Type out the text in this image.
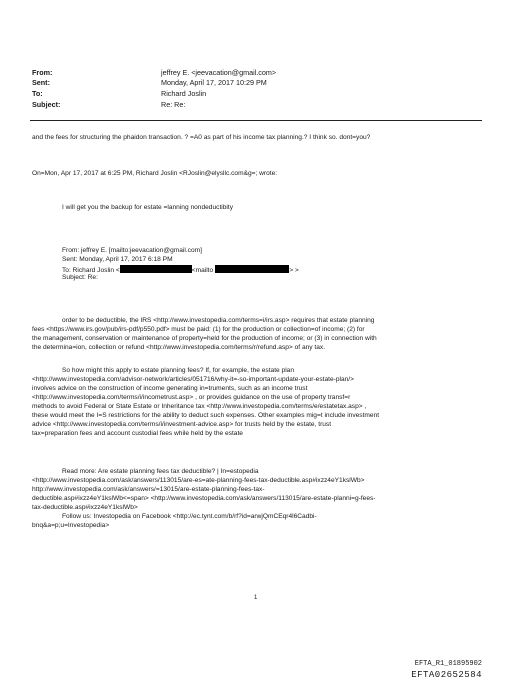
From:	jeffrey E. <jeevacation@gmail.com>
Sent:	Monday, April 17, 2017 10:29 PM
To:	Richard Joslin
Subject:	Re: Re:
and the fees for structuring the phaidon transaction. ? =A0 as part of his income tax planning.? I think so. dont=you?
On=Mon, Apr 17, 2017 at 6:25 PM, Richard Joslin <RJoslin@elysllc.com&g=; wrote:
I will get you the backup for estate =lanning nondeductibity
From: jeffrey E. [mailto:jeevacation@gmail.com]
Sent: Monday, April 17, 2017 6:18 PM
To: Richard Joslin <	<mailto	> >
Subject: Re:
order to be deductible, the IRS <http://www.investopedia.com/terms=i/irs.asp> requires that estate planning
fees <https://www.irs.gov/pub/irs-pdf/p550.pdf> must be paid: (1) for the production or collection=of income; (2) for
the management, conservation or maintenance of property=held for the production of income; or (3) in connection with
the determina=ion, collection or refund <http://www.investopedia.com/terms/r/refund.asp> of any tax.
So how might this apply to estate planning fees? If, for example, the estate plan
<http://www.investopedia.com/advisor-network/articles/051716/why-it=-so-important-update-your-estate-plan/>
involves advice on the construction of income generating in=truments, such as an income trust
<http://www.investopedia.com/terms/i/incometrust.asp> , or provides guidance on the use of property transf=r
methods to avoid Federal or State Estate or Inheritance tax <http://www.investopedia.com/terms/e/estatetax.asp> ,
these would meet the I=S restrictions for the ability to deduct such expenses. Other examples mig=t include investment
advice <http://www.investopedia.com/terms/i/investment-advice.asp> for trusts held by the estate, trust
tax=preparation fees and account custodial fees while held by the estate
Read more: Are estate planning fees tax deductible? | In=estopedia
<http://www.investopedia.com/ask/answers/113015/are-es=ate-planning-fees-tax-deductible.asp#ixzz4eY1kslWb>
http://www.investopedia.com/ask/answers/=13015/are-estate-planning-fees-tax-
deductible.asp#ixzz4eY1kslWb<=span> <http://www.investopedia.com/ask/answers/113015/are-estate-planni=g-fees-
tax-deductible.asp#ixzz4eY1kslWb>
Follow us: Investopedia on Facebook <http://ec.tynt.com/b/rf?id=arwjQmCEqr4l6Cadbi-
bnq&a=p;u=Investopedia>
1
EFTA_R1_01895902
EFTA02652584
